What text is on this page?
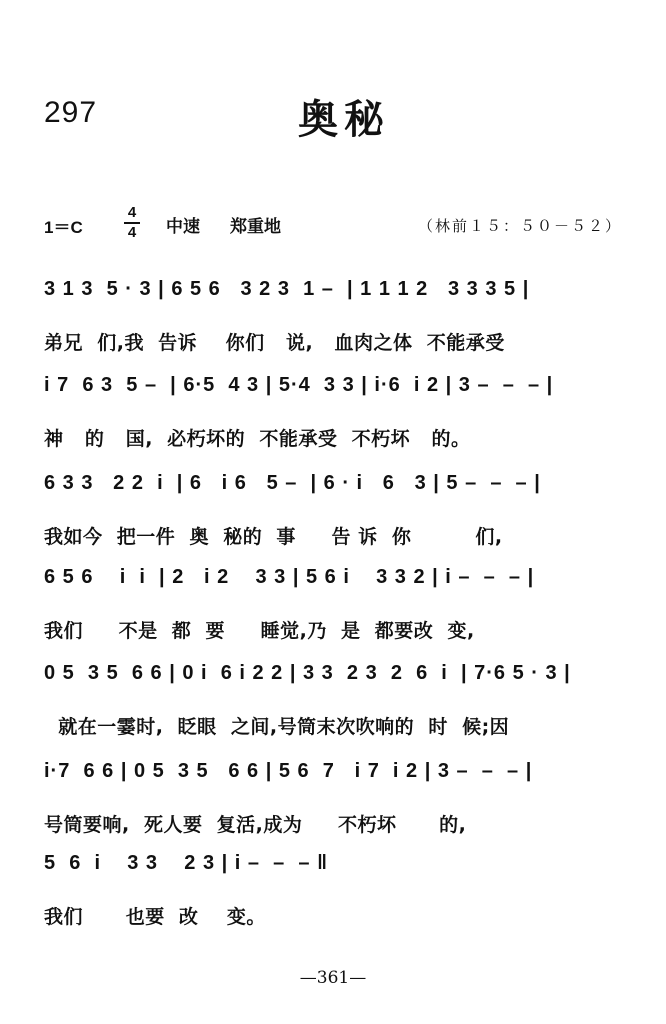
297	奥秘
1＝C
4
4	中速 郑重地	（林前１５：５０－５２）
3 1 3  5 · 3 | 6 5 6   3 2 3  1 –  | 1 1 1 2   3 3 3 5 |
弟兄  们,我  告诉    你们   说,   血肉之体  不能承受
i 7  6 3  5 –  | 6·5  4 3 | 5·4  3 3 | i·6  i 2 | 3 –  –  – |
神   的   国,  必朽坏的  不能承受  不朽坏   的。
6 3 3   2 2  i  | 6   i 6   5 –  | 6 · i   6   3 | 5 –  –  – |
我如今  把一件  奥  秘的  事     告 诉  你         们,
6 5 6    i  i  | 2   i 2    3 3 | 5 6 i    3 3 2 | i –  –  – |
我们     不是  都  要     睡觉,乃  是  都要改  变,
0 5  3 5  6 6 | 0 i  6 i 2 2 | 3 3  2 3  2  6  i  | 7·6 5 · 3 |
就在一霎时,  眨眼  之间,号筒末次吹响的  时  候;因
i·7  6 6 | 0 5  3 5   6 6 | 5 6  7   i 7  i 2 | 3 –  –  – |
号筒要响,  死人要  复活,成为     不朽坏      的,
5  6  i    3 3    2 3 | i –  –  – ‖
我们      也要  改    变。
—361—
